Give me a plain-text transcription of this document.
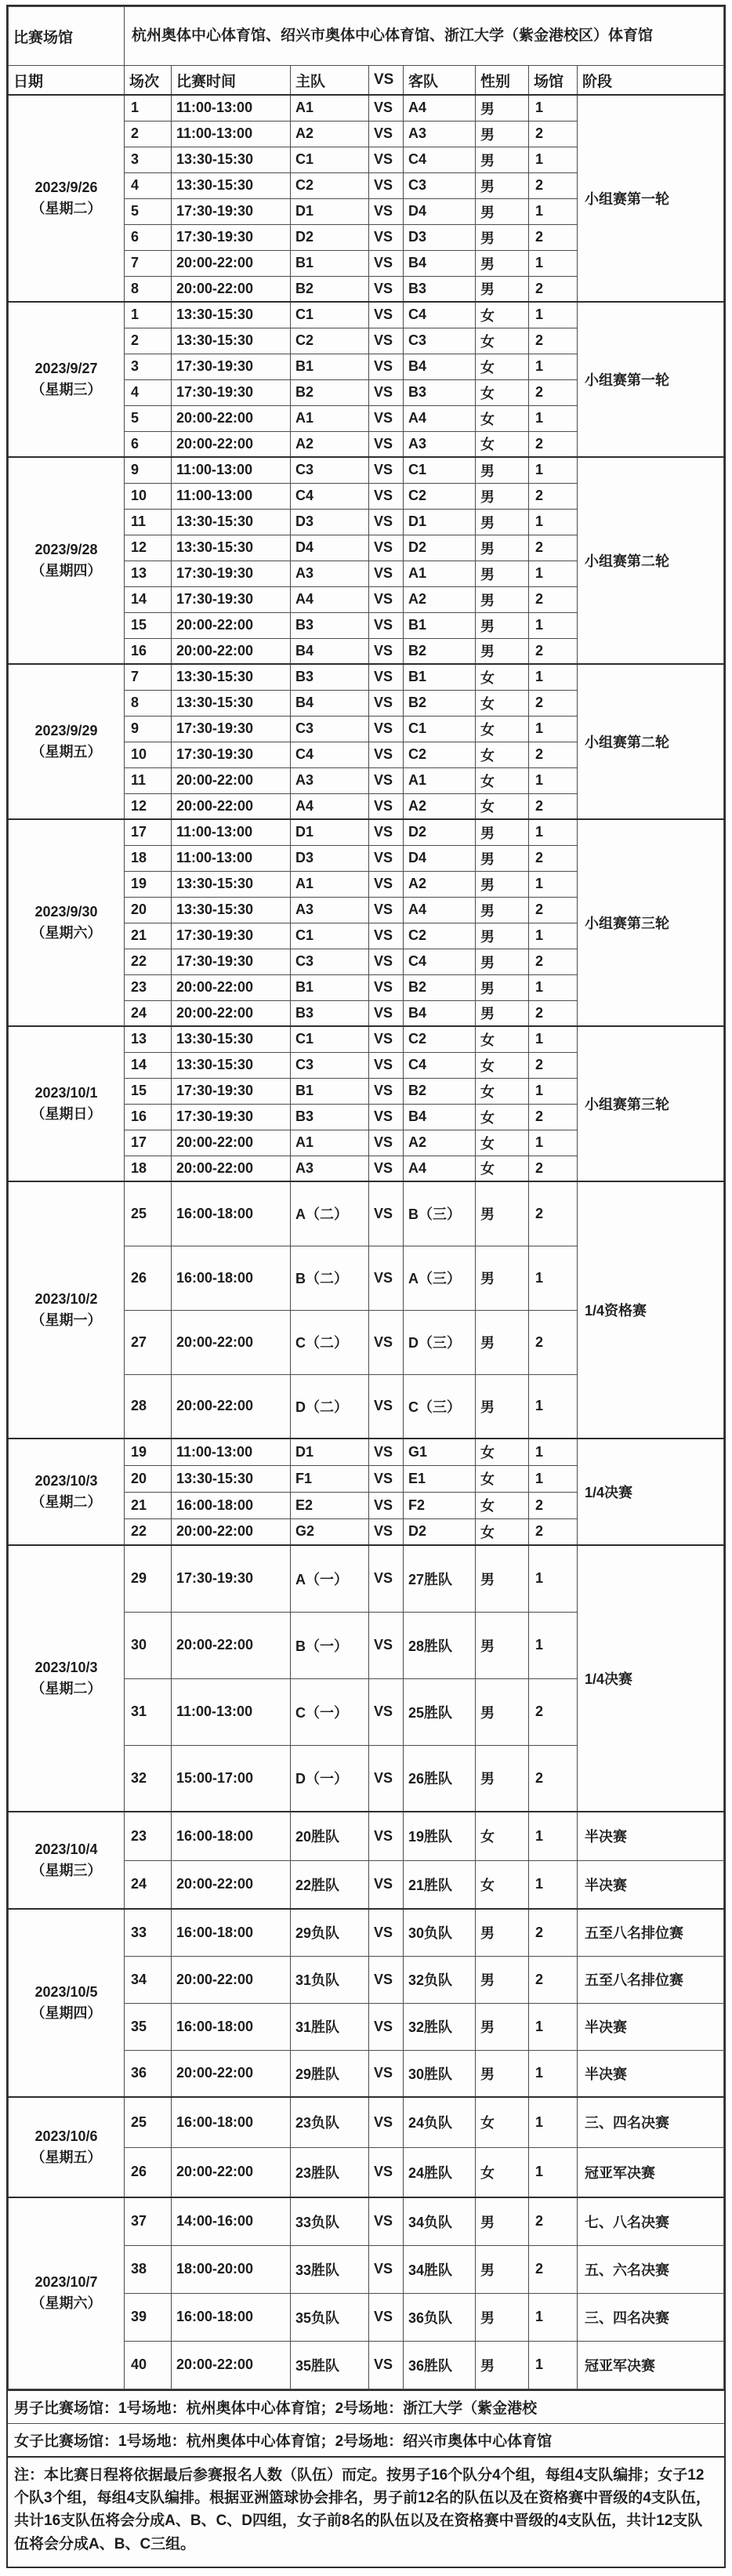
比赛场馆	杭州奥体中心体育馆、绍兴市奥体中心体育馆、浙江大学（紫金港校区）体育馆							
日期	场次	比赛时间	主队	VS	客队	性别	场馆	阶段

2023/9/26
（星期二）	1	11:00-13:00	A1	VS	A4	男	1	小组赛第一轮
	2	11:00-13:00	A2	VS	A3	男	2	
	3	13:30-15:30	C1	VS	C4	男	1	
	4	13:30-15:30	C2	VS	C3	男	2	
	5	17:30-19:30	D1	VS	D4	男	1	
	6	17:30-19:30	D2	VS	D3	男	2	
	7	20:00-22:00	B1	VS	B4	男	1	
	8	20:00-22:00	B2	VS	B3	男	2	

2023/9/27
（星期三）	1	13:30-15:30	C1	VS	C4	女	1	小组赛第一轮
	2	13:30-15:30	C2	VS	C3	女	2	
	3	17:30-19:30	B1	VS	B4	女	1	
	4	17:30-19:30	B2	VS	B3	女	2	
	5	20:00-22:00	A1	VS	A4	女	1	
	6	20:00-22:00	A2	VS	A3	女	2	

2023/9/28
（星期四）	9	11:00-13:00	C3	VS	C1	男	1	小组赛第二轮
	10	11:00-13:00	C4	VS	C2	男	2	
	11	13:30-15:30	D3	VS	D1	男	1	
	12	13:30-15:30	D4	VS	D2	男	2	
	13	17:30-19:30	A3	VS	A1	男	1	
	14	17:30-19:30	A4	VS	A2	男	2	
	15	20:00-22:00	B3	VS	B1	男	1	
	16	20:00-22:00	B4	VS	B2	男	2	

2023/9/29
（星期五）	7	13:30-15:30	B3	VS	B1	女	1	小组赛第二轮
	8	13:30-15:30	B4	VS	B2	女	2	
	9	17:30-19:30	C3	VS	C1	女	1	
	10	17:30-19:30	C4	VS	C2	女	2	
	11	20:00-22:00	A3	VS	A1	女	1	
	12	20:00-22:00	A4	VS	A2	女	2	

2023/9/30
（星期六）	17	11:00-13:00	D1	VS	D2	男	1	小组赛第三轮
	18	11:00-13:00	D3	VS	D4	男	2	
	19	13:30-15:30	A1	VS	A2	男	1	
	20	13:30-15:30	A3	VS	A4	男	2	
	21	17:30-19:30	C1	VS	C2	男	1	
	22	17:30-19:30	C3	VS	C4	男	2	
	23	20:00-22:00	B1	VS	B2	男	1	
	24	20:00-22:00	B3	VS	B4	男	2	

2023/10/1
（星期日）	13	13:30-15:30	C1	VS	C2	女	1	小组赛第三轮
	14	13:30-15:30	C3	VS	C4	女	2	
	15	17:30-19:30	B1	VS	B2	女	1	
	16	17:30-19:30	B3	VS	B4	女	2	
	17	20:00-22:00	A1	VS	A2	女	1	
	18	20:00-22:00	A3	VS	A4	女	2	

2023/10/2
（星期一）	25	16:00-18:00	A（二）	VS	B（三）	男	2	1/4资格赛
	26	16:00-18:00	B（二）	VS	A（三）	男	1	
	27	20:00-22:00	C（二）	VS	D（三）	男	2	
	28	20:00-22:00	D（二）	VS	C（三）	男	1	

2023/10/3
（星期二）	19	11:00-13:00	D1	VS	G1	女	1	1/4决赛
	20	13:30-15:30	F1	VS	E1	女	1	
	21	16:00-18:00	E2	VS	F2	女	2	
	22	20:00-22:00	G2	VS	D2	女	2	

2023/10/3
（星期二）	29	17:30-19:30	A（一）	VS	27胜队	男	1	1/4决赛
	30	20:00-22:00	B（一）	VS	28胜队	男	1	
	31	11:00-13:00	C（一）	VS	25胜队	男	2	
	32	15:00-17:00	D（一）	VS	26胜队	男	2	

2023/10/4
（星期三）	23	16:00-18:00	20胜队	VS	19胜队	女	1	半决赛
	24	20:00-22:00	22胜队	VS	21胜队	女	1	半决赛

2023/10/5
（星期四）	33	16:00-18:00	29负队	VS	30负队	男	2	五至八名排位赛
	34	20:00-22:00	31负队	VS	32负队	男	2	五至八名排位赛
	35	16:00-18:00	31胜队	VS	32胜队	男	1	半决赛
	36	20:00-22:00	29胜队	VS	30胜队	男	1	半决赛

2023/10/6
（星期五）	25	16:00-18:00	23负队	VS	24负队	女	1	三、四名决赛
	26	20:00-22:00	23胜队	VS	24胜队	女	1	冠亚军决赛

2023/10/7
（星期六）	37	14:00-16:00	33负队	VS	34负队	男	2	七、八名决赛
	38	18:00-20:00	33胜队	VS	34胜队	男	2	五、六名决赛
	39	16:00-18:00	35负队	VS	36负队	男	1	三、四名决赛
	40	20:00-22:00	35胜队	VS	36胜队	男	1	冠亚军决赛
男子比赛场馆：1号场地：杭州奥体中心体育馆；2号场地：浙江大学（紫金港校
女子比赛场馆：1号场地：杭州奥体中心体育馆；2号场地：绍兴市奥体中心体育馆
注：本比赛日程将依据最后参赛报名人数（队伍）而定。按男子16个队分4个组，每组4支队编排；女子12个队3个组，每组4支队编排。根据亚洲篮球协会排名，男子前12名的队伍以及在资格赛中晋级的4支队伍，共计16支队伍将会分成A、B、C、D四组，女子前8名的队伍以及在资格赛中晋级的4支队伍，共计12支队伍将会分成A、B、C三组。
